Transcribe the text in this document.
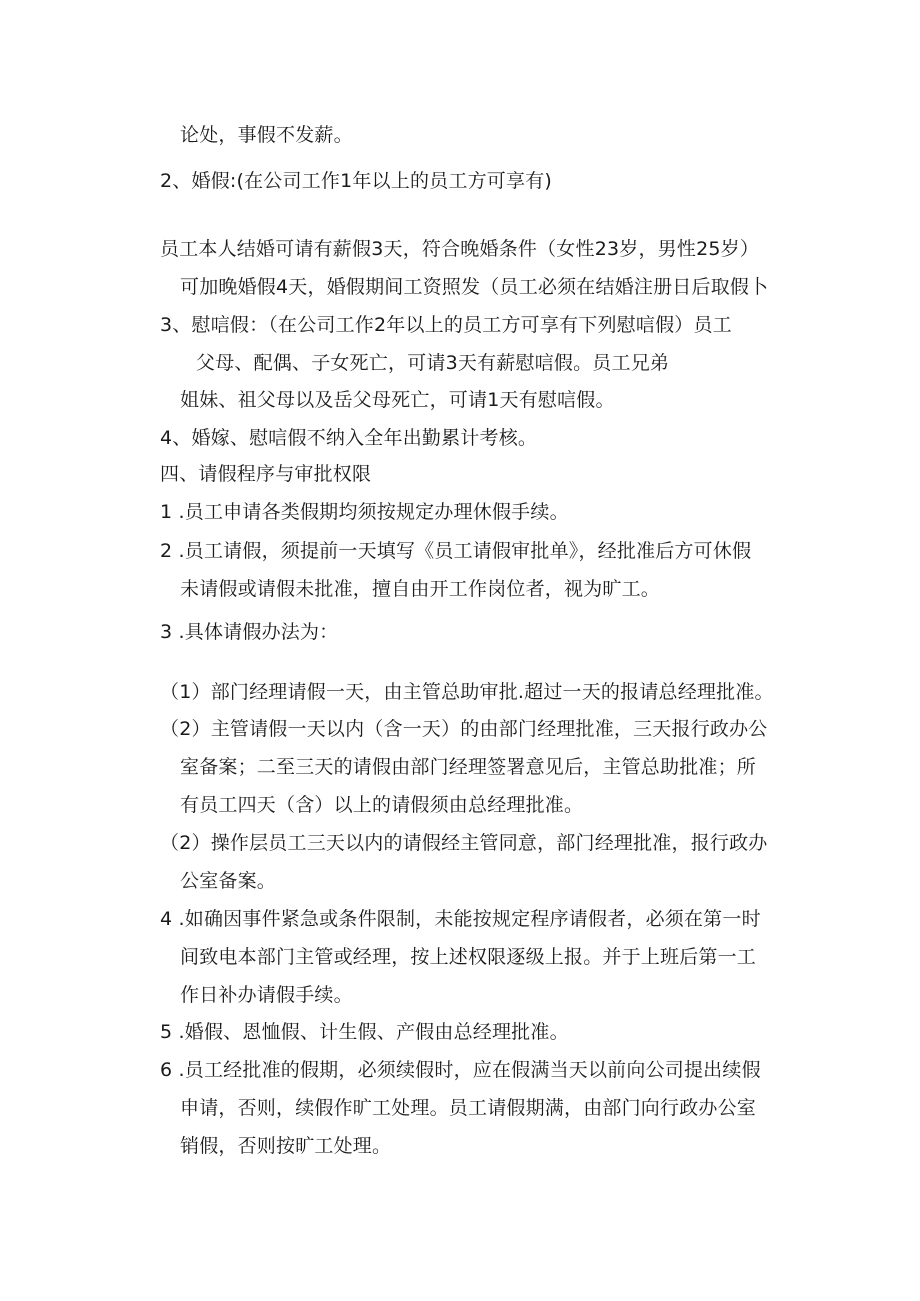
论处，事假不发薪。
2、婚假:(在公司工作1年以上的员工方可享有)
员工本人结婚可请有薪假3天，符合晚婚条件（女性23岁，男性25岁）
可加晚婚假4天，婚假期间工资照发（员工必须在结婚注册日后取假卜
3、慰唁假：（在公司工作2年以上的员工方可享有下列慰唁假）员工
父母、配偶、子女死亡，可请3天有薪慰唁假。员工兄弟
姐妹、祖父母以及岳父母死亡，可请1天有慰唁假。
4、婚嫁、慰唁假不纳入全年出勤累计考核。
四、请假程序与审批权限
1 .员工申请各类假期均须按规定办理休假手续。
2 .员工请假，须提前一天填写《员工请假审批单》，经批准后方可休假
未请假或请假未批准，擅自由开工作岗位者，视为旷工。
3 .具体请假办法为：
（1）部门经理请假一天，由主管总助审批.超过一天的报请总经理批准。
（2）主管请假一天以内（含一天）的由部门经理批准，三天报行政办公
室备案；二至三天的请假由部门经理签署意见后，主管总助批准；所
有员工四天（含）以上的请假须由总经理批准。
（2）操作层员工三天以内的请假经主管同意，部门经理批准，报行政办
公室备案。
4 .如确因事件紧急或条件限制，未能按规定程序请假者，必须在第一时
间致电本部门主管或经理，按上述权限逐级上报。并于上班后第一工
作日补办请假手续。
5 .婚假、恩恤假、计生假、产假由总经理批准。
6 .员工经批准的假期，必须续假时，应在假满当天以前向公司提出续假
申请，否则，续假作旷工处理。员工请假期满，由部门向行政办公室
销假，否则按旷工处理。
